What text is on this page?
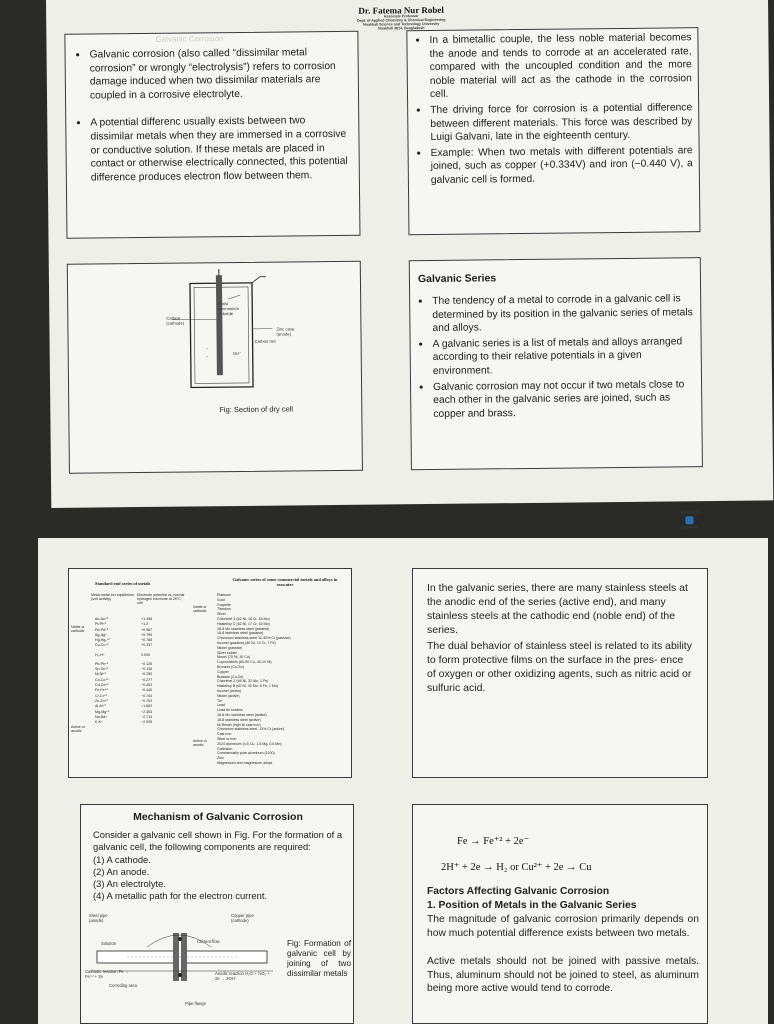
Dr. Fatema Nur Robel
Associate Professor
Dept. of Applied Chemistry & Chemical Engineering
Noakhali Science and Technology University
Noakhali 3814, Bangladesh
Galvanic Corrosion
• Galvanic corrosion (also called “dissimilar metal corrosion” or wrongly “electrolysis”) refers to corrosion damage induced when two dissimilar materials are coupled in a corrosive electrolyte.
• A potential differenc usually exists between two dissimilar metals when they are immersed in a corrosive or conductive solution. If these metals are placed in contact or otherwise electrically connected, this potential difference produces electron flow between them.
• In a bimetallic couple, the less noble material becomes the anode and tends to corrode at an accelerated rate, compared with the uncoupled condition and the more noble material will act as the cathode in the corrosion cell.
• The driving force for corrosion is a potential difference between different materials. This force was described by Luigi Galvani, late in the eighteenth century.
• Example: When two metals with different potentials are joined, such as copper (+0.334V) and iron (−0.440 V), a galvanic cell is formed.
→
→
Carbon (cathode)
Moist ammonium chloride
Zinc case (anode)
Carbon rod
OH⁻
Fig: Section of dry cell
Galvanic Series
• The tendency of a metal to corrode in a galvanic cell is determined by its position in the galvanic series of metals and alloys.
• A galvanic series is a list of metals and alloys arranged according to their relative potentials in a given environment.
• Galvanic corrosion may not occur if two metals close to each other in the galvanic series are joined, such as copper and brass.
Scanned with
CamScanner
Standard emf series of metals
Metal-metal ion equilibrium (unit activity)
Electrode potential vs. normal hydrogen electrode at 25°C, volt
Noble or cathodic
Active or anodic
Au-Au⁺³	+1.498
Pt-Pt⁺²	+1.2
Pd-Pd⁺²	+0.987
Ag-Ag⁺	+0.799
Hg-Hg₂⁺²	+0.788
Cu-Cu⁺²	+0.337
H₂-H⁺	0.000
Pb-Pb⁺²	−0.126
Sn-Sn⁺²	−0.136
Ni-Ni⁺²	−0.250
Co-Co⁺²	−0.277
Cd-Cd⁺²	−0.403
Fe-Fe⁺²	−0.440
Cr-Cr⁺³	−0.744
Zn-Zn⁺²	−0.763
Al-Al⁺³	−1.662
Mg-Mg⁺²	−2.363
Na-Na⁺	−2.714
K-K⁺	−2.925
Galvanic series of some commercial metals and alloys in seawater
Noble or cathodic
Active or anodic
Platinum
Gold
Graphite
Titanium
Silver
Chlorimet 3 (62 Ni, 18 Cr, 18 Mo)
Hastelloy C (62 Ni, 17 Cr, 15 Mo)
18-8 Mo stainless steel (passive)
18-8 stainless steel (passive)
Chromium stainless steel 11-30% Cr (passive)
Inconel (passive) (80 Ni, 13 Cr, 7 Fe)
Nickel (passive)
Silver solder
Monel (70 Ni, 30 Cu)
Cupronickels (60-90 Cu, 40-10 Ni)
Bronzes (Cu-Sn)
Copper
Brasses (Cu-Zn)
Chlorimet 2 (66 Ni, 32 Mo, 1 Fe)
Hastelloy B (60 Ni, 30 Mo, 6 Fe, 1 Mn)
Inconel (active)
Nickel (active)
Tin
Lead
Lead-tin solders
18-8 Mo stainless steel (active)
18-8 stainless steel (active)
Ni-Resist (high Ni cast iron)
Chromium stainless steel, 13% Cr (active)
Cast iron
Steel or iron
2024 aluminum (4.5 Cu, 1.5 Mg, 0.6 Mn)
Cadmium
Commercially pure aluminum (1100)
Zinc
Magnesium and magnesium alloys
In the galvanic series, there are many stainless steels at the anodic end of the series (active end), and many stainless steels at the cathodic end (noble end) of the series.
The dual behavior of stainless steel is related to its ability to form protective films on the surface in the pres- ence of oxygen or other oxidizing agents, such as nitric acid or sulfuric acid.
Mechanism of Galvanic Corrosion
Consider a galvanic cell shown in Fig. For the formation of a galvanic cell, the following components are required:
(1) A cathode.
(2) An anode.
(3) An electrolyte.
(4) A metallic path for the electron current.
Steel pipe (anode)
Copper pipe (cathode)
Solution	Current flow
Cathodic reaction Fe → Fe⁺² + 2e
Anodic reaction H₂O + ½O₂ + 2e → 2OH⁻
Corroding area
Pipe flange
Fig: Formation of galvanic cell by joining of two dissimilar metals
Fe → Fe⁺² + 2e⁻
2H⁺ + 2e → H₂ or Cu²⁺ + 2e → Cu
Factors Affecting Galvanic Corrosion
1. Position of Metals in the Galvanic Series
The magnitude of galvanic corrosion primarily depends on how much potential difference exists between two metals.
Active metals should not be joined with passive metals. Thus, aluminum should not be joined to steel, as aluminum being more active would tend to corrode.
